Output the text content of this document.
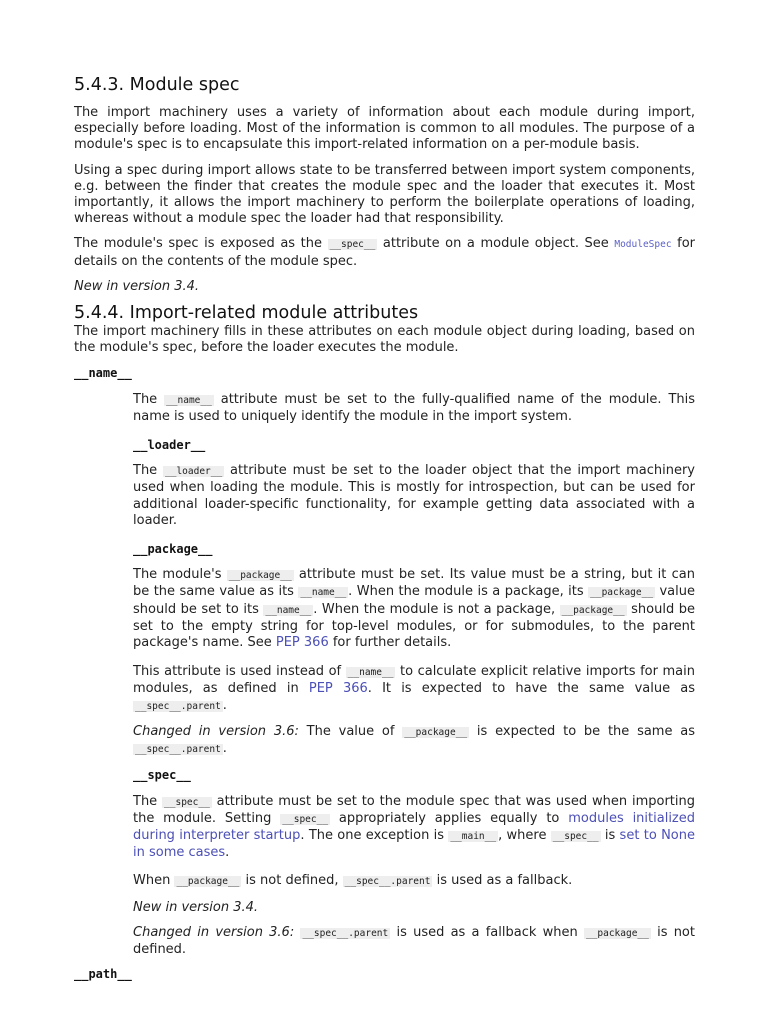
5.4.3. Module spec

The import machinery uses a variety of information about each module during import, especially before loading. Most of the information is common to all modules. The purpose of a module's spec is to encapsulate this import-related information on a per-module basis.

Using a spec during import allows state to be transferred between import system components, e.g. between the finder that creates the module spec and the loader that executes it. Most importantly, it allows the import machinery to perform the boilerplate operations of loading, whereas without a module spec the loader had that responsibility.

The module's spec is exposed as the __spec__ attribute on a module object. See ModuleSpec for details on the contents of the module spec.

New in version 3.4.

5.4.4. Import-related module attributes

The import machinery fills in these attributes on each module object during loading, based on the module's spec, before the loader executes the module.

__name__

The __name__ attribute must be set to the fully-qualified name of the module. This name is used to uniquely identify the module in the import system.

__loader__

The __loader__ attribute must be set to the loader object that the import machinery used when loading the module. This is mostly for introspection, but can be used for additional loader-specific functionality, for example getting data associated with a loader.

__package__

The module's __package__ attribute must be set. Its value must be a string, but it can be the same value as its __name__ . When the module is a package, its __package__ value should be set to its __name__ . When the module is not a package, __package__ should be set to the empty string for top-level modules, or for submodules, to the parent package's name. See PEP 366 for further details.

This attribute is used instead of __name__ to calculate explicit relative imports for main modules, as defined in PEP 366. It is expected to have the same value as __spec__.parent .

Changed in version 3.6: The value of __package__ is expected to be the same as __spec__.parent .

__spec__

The __spec__ attribute must be set to the module spec that was used when importing the module. Setting __spec__ appropriately applies equally to modules initialized during interpreter startup. The one exception is __main__ , where __spec__ is set to None in some cases.

When __package__ is not defined, __spec__.parent is used as a fallback.

New in version 3.4.

Changed in version 3.6: __spec__.parent is used as a fallback when __package__ is not defined.

__path__
